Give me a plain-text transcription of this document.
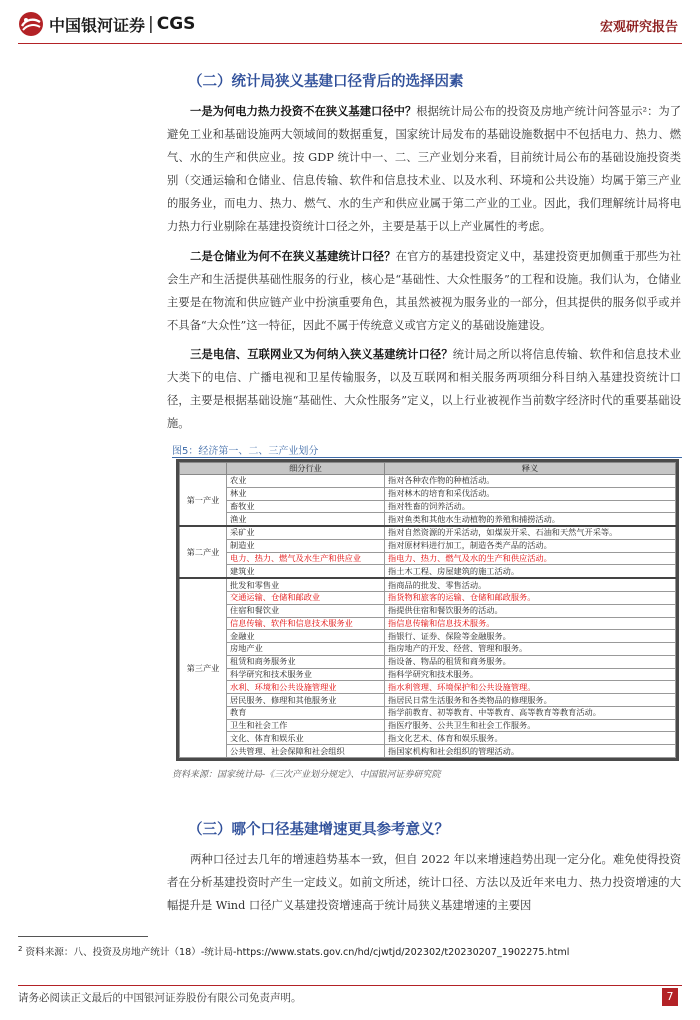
中国银河证券 | CGS	宏观研究报告
（二）统计局狭义基建口径背后的选择因素
一是为何电力热力投资不在狭义基建口径中？根据统计局公布的投资及房地产统计问答显示²：为了避免工业和基础设施两大领域间的数据重复，国家统计局发布的基础设施数据中不包括电力、热力、燃气、水的生产和供应业。按 GDP 统计中一、二、三产业划分来看，目前统计局公布的基础设施投资类别（交通运输和仓储业、信息传输、软件和信息技术业、以及水利、环境和公共设施）均属于第三产业的服务业，而电力、热力、燃气、水的生产和供应业属于第二产业的工业。因此，我们理解统计局将电力热力行业剔除在基建投资统计口径之外，主要是基于以上产业属性的考虑。
二是仓储业为何不在狭义基建统计口径？在官方的基建投资定义中，基建投资更加侧重于那些为社会生产和生活提供基础性服务的行业，核心是“基础性、大众性服务”的工程和设施。我们认为，仓储业主要是在物流和供应链产业中扮演重要角色，其虽然被视为服务业的一部分，但其提供的服务似乎或并不具备“大众性”这一特征，因此不属于传统意义或官方定义的基础设施建设。
三是电信、互联网业又为何纳入狭义基建统计口径？统计局之所以将信息传输、软件和信息技术业大类下的电信、广播电视和卫星传输服务，以及互联网和相关服务两项细分科目纳入基建投资统计口径，主要是根据基础设施“基础性、大众性服务”定义，以上行业被视作当前数字经济时代的重要基础设施。
图5：经济第一、二、三产业划分
	细分行业	释义
第一产业	农业	指对各种农作物的种植活动。
	林业	指对林木的培育和采伐活动。
	畜牧业	指对牲畜的饲养活动。
	渔业	指对鱼类和其他水生动植物的养殖和捕捞活动。
第二产业	采矿业	指对自然资源的开采活动，如煤炭开采、石油和天然气开采等。
	制造业	指对原材料进行加工，制造各类产品的活动。
	电力、热力、燃气及水生产和供应业	指电力、热力、燃气及水的生产和供应活动。
	建筑业	指土木工程、房屋建筑的施工活动。
第三产业	批发和零售业	指商品的批发、零售活动。
	交通运输、仓储和邮政业	指货物和旅客的运输、仓储和邮政服务。
	住宿和餐饮业	指提供住宿和餐饮服务的活动。
	信息传输、软件和信息技术服务业	指信息传输和信息技术服务。
	金融业	指银行、证券、保险等金融服务。
	房地产业	指房地产的开发、经营、管理和服务。
	租赁和商务服务业	指设备、物品的租赁和商务服务。
	科学研究和技术服务业	指科学研究和技术服务。
	水利、环境和公共设施管理业	指水利管理、环境保护和公共设施管理。
	居民服务、修理和其他服务业	指居民日常生活服务和各类物品的修理服务。
	教育	指学前教育、初等教育、中等教育、高等教育等教育活动。
	卫生和社会工作	指医疗服务、公共卫生和社会工作服务。
	文化、体育和娱乐业	指文化艺术、体育和娱乐服务。
	公共管理、社会保障和社会组织	指国家机构和社会组织的管理活动。
资料来源：国家统计局-《三次产业划分规定》、中国银河证券研究院
（三）哪个口径基建增速更具参考意义？
两种口径过去几年的增速趋势基本一致，但自 2022 年以来增速趋势出现一定分化。难免使得投资者在分析基建投资时产生一定歧义。如前文所述，统计口径、方法以及近年来电力、热力投资增速的大幅提升是 Wind 口径广义基建投资增速高于统计局狭义基建增速的主要因
$^2$ 资料来源：八、投资及房地产统计（18）-统计局-https://www.stats.gov.cn/hd/cjwtjd/202302/t20230207_1902275.html
请务必阅读正文最后的中国银河证券股份有限公司免责声明。	7
